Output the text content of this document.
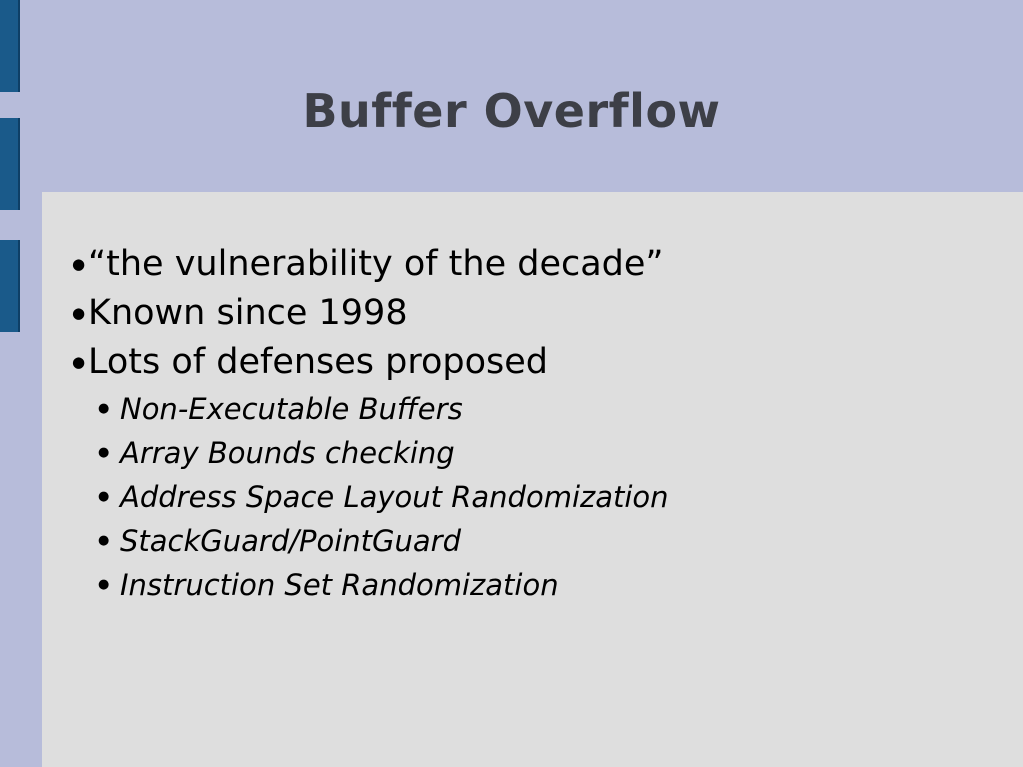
Buffer Overflow
● “the vulnerability of the decade”
● Known since 1998
● Lots of defenses proposed
● Non-Executable Buffers
● Array Bounds checking
● Address Space Layout Randomization
● StackGuard/PointGuard
● Instruction Set Randomization
